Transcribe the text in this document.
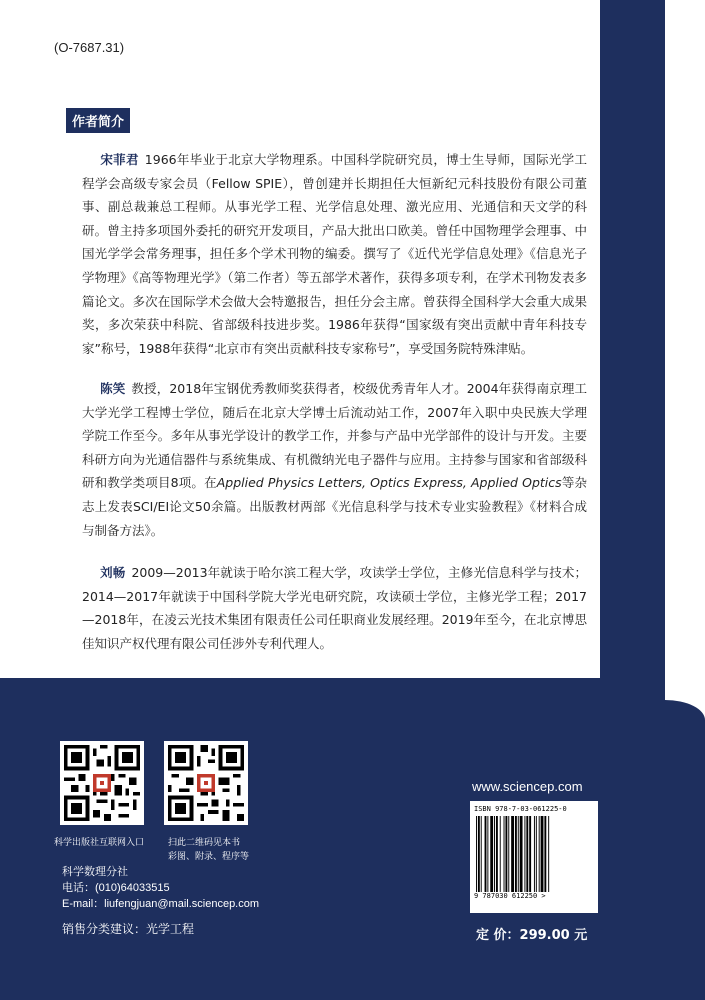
(O-7687.31)
作者简介
宋菲君 1966年毕业于北京大学物理系。中国科学院研究员，博士生导师，国际光学工程学会高级专家会员（Fellow SPIE），曾创建并长期担任大恒新纪元科技股份有限公司董事、副总裁兼总工程师。从事光学工程、光学信息处理、激光应用、光通信和天文学的科研。曾主持多项国外委托的研究开发项目，产品大批出口欧美。曾任中国物理学会理事、中国光学学会常务理事，担任多个学术刊物的编委。撰写了《近代光学信息处理》《信息光子学物理》《高等物理光学》（第二作者）等五部学术著作，获得多项专利，在学术刊物发表多篇论文。多次在国际学术会做大会特邀报告，担任分会主席。曾获得全国科学大会重大成果奖，多次荣获中科院、省部级科技进步奖。1986年获得“国家级有突出贡献中青年科技专家”称号，1988年获得“北京市有突出贡献科技专家称号”，享受国务院特殊津贴。
陈笑 教授，2018年宝钢优秀教师奖获得者，校级优秀青年人才。2004年获得南京理工大学光学工程博士学位，随后在北京大学博士后流动站工作，2007年入职中央民族大学理学院工作至今。多年从事光学设计的教学工作，并参与产品中光学部件的设计与开发。主要科研方向为光通信器件与系统集成、有机微纳光电子器件与应用。主持参与国家和省部级科研和教学类项目8项。在Applied Physics Letters, Optics Express, Applied Optics等杂志上发表SCI/EI论文50余篇。出版教材两部《光信息科学与技术专业实验教程》《材料合成与制备方法》。
刘畅 2009—2013年就读于哈尔滨工程大学，攻读学士学位，主修光信息科学与技术；2014—2017年就读于中国科学院大学光电研究院，攻读硕士学位，主修光学工程；2017—2018年，在凌云光技术集团有限责任公司任职商业发展经理。2019年至今，在北京博思佳知识产权代理有限公司任涉外专利代理人。
科学出版社互联网入口	扫此二维码见本书
彩图、附录、程序等
科学数理分社
电话：(010)64033515
E-mail：liufengjuan@mail.sciencep.com
销售分类建议：光学工程
www.sciencep.com
ISBN 978-7-03-061225-0
9 787030 612250 >
定 价：299.00 元
